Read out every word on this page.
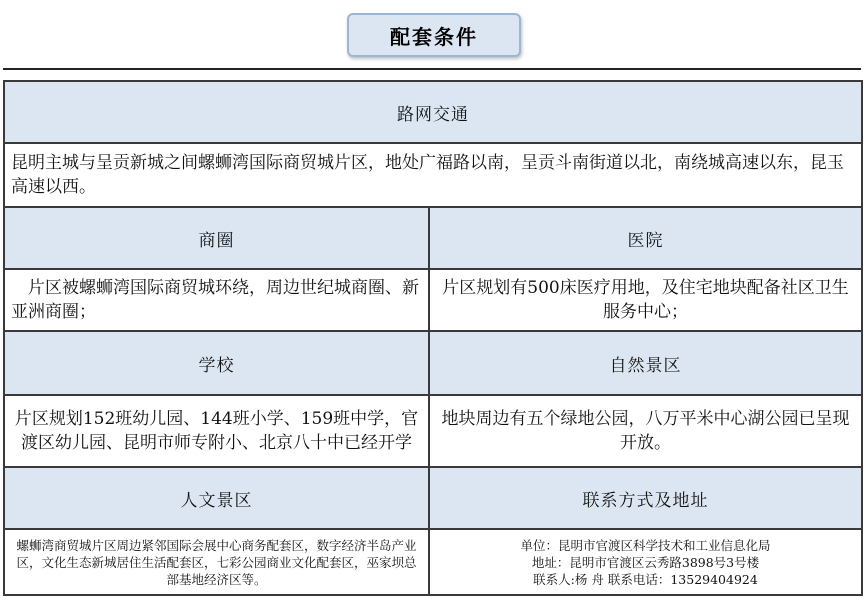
配套条件
路网交通	
昆明主城与呈贡新城之间螺蛳湾国际商贸城片区，地处广福路以南，呈贡斗南街道以北，南绕城高速以东，昆玉高速以西。	
商圈	医院
片区被螺蛳湾国际商贸城环绕，周边世纪城商圈、新亚洲商圈；	片区规划有500床医疗用地，及住宅地块配备社区卫生服务中心；
学校	自然景区
片区规划152班幼儿园、144班小学、159班中学，官渡区幼儿园、昆明市师专附小、北京八十中已经开学	地块周边有五个绿地公园，八万平米中心湖公园已呈现开放。
人文景区	联系方式及地址
螺蛳湾商贸城片区周边紧邻国际会展中心商务配套区，数字经济半岛产业区，文化生态新城居住生活配套区，七彩公园商业文化配套区，巫家坝总部基地经济区等。	单位：昆明市官渡区科学技术和工业信息化局
地址：昆明市官渡区云秀路3898号3号楼
联系人:杨 舟 联系电话：13529404924
